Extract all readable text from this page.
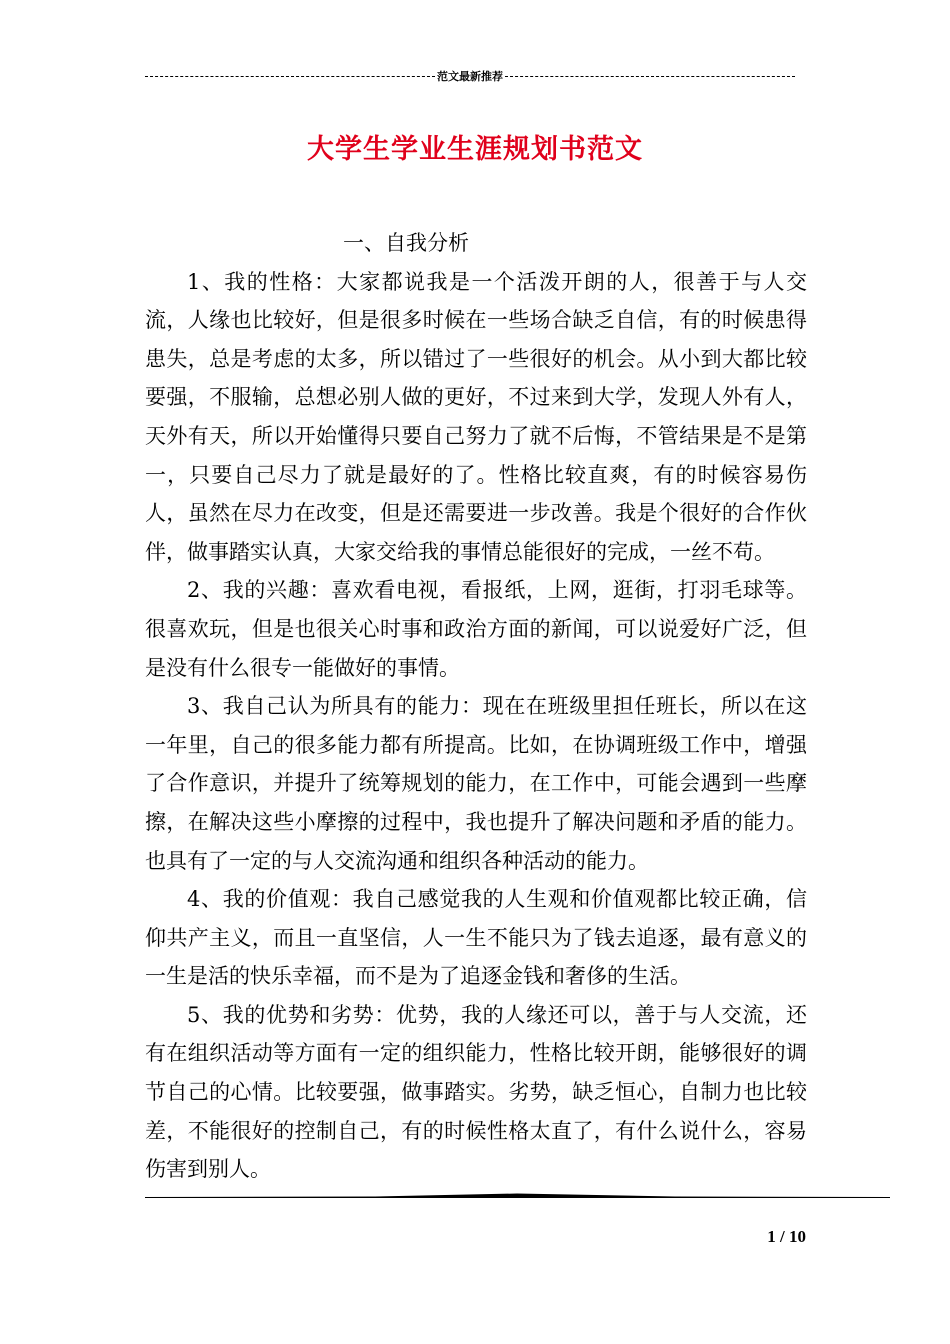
范文最新推荐
大学生学业生涯规划书范文

一、自我分析

1、我的性格：大家都说我是一个活泼开朗的人，很善于与人交流，人缘也比较好，但是很多时候在一些场合缺乏自信，有的时候患得患失，总是考虑的太多，所以错过了一些很好的机会。从小到大都比较要强，不服输，总想必别人做的更好，不过来到大学，发现人外有人，天外有天，所以开始懂得只要自己努力了就不后悔，不管结果是不是第一，只要自己尽力了就是最好的了。性格比较直爽，有的时候容易伤人，虽然在尽力在改变，但是还需要进一步改善。我是个很好的合作伙伴，做事踏实认真，大家交给我的事情总能很好的完成，一丝不苟。

2、我的兴趣：喜欢看电视，看报纸，上网，逛街，打羽毛球等。很喜欢玩，但是也很关心时事和政治方面的新闻，可以说爱好广泛，但是没有什么很专一能做好的事情。

3、我自己认为所具有的能力：现在在班级里担任班长，所以在这一年里，自己的很多能力都有所提高。比如，在协调班级工作中，增强了合作意识，并提升了统筹规划的能力，在工作中，可能会遇到一些摩擦，在解决这些小摩擦的过程中，我也提升了解决问题和矛盾的能力。也具有了一定的与人交流沟通和组织各种活动的能力。

4、我的价值观：我自己感觉我的人生观和价值观都比较正确，信仰共产主义，而且一直坚信，人一生不能只为了钱去追逐，最有意义的一生是活的快乐幸福，而不是为了追逐金钱和奢侈的生活。

5、我的优势和劣势：优势，我的人缘还可以，善于与人交流，还有在组织活动等方面有一定的组织能力，性格比较开朗，能够很好的调节自己的心情。比较要强，做事踏实。劣势，缺乏恒心，自制力也比较差，不能很好的控制自己，有的时候性格太直了，有什么说什么，容易伤害到别人。

1 / 10
